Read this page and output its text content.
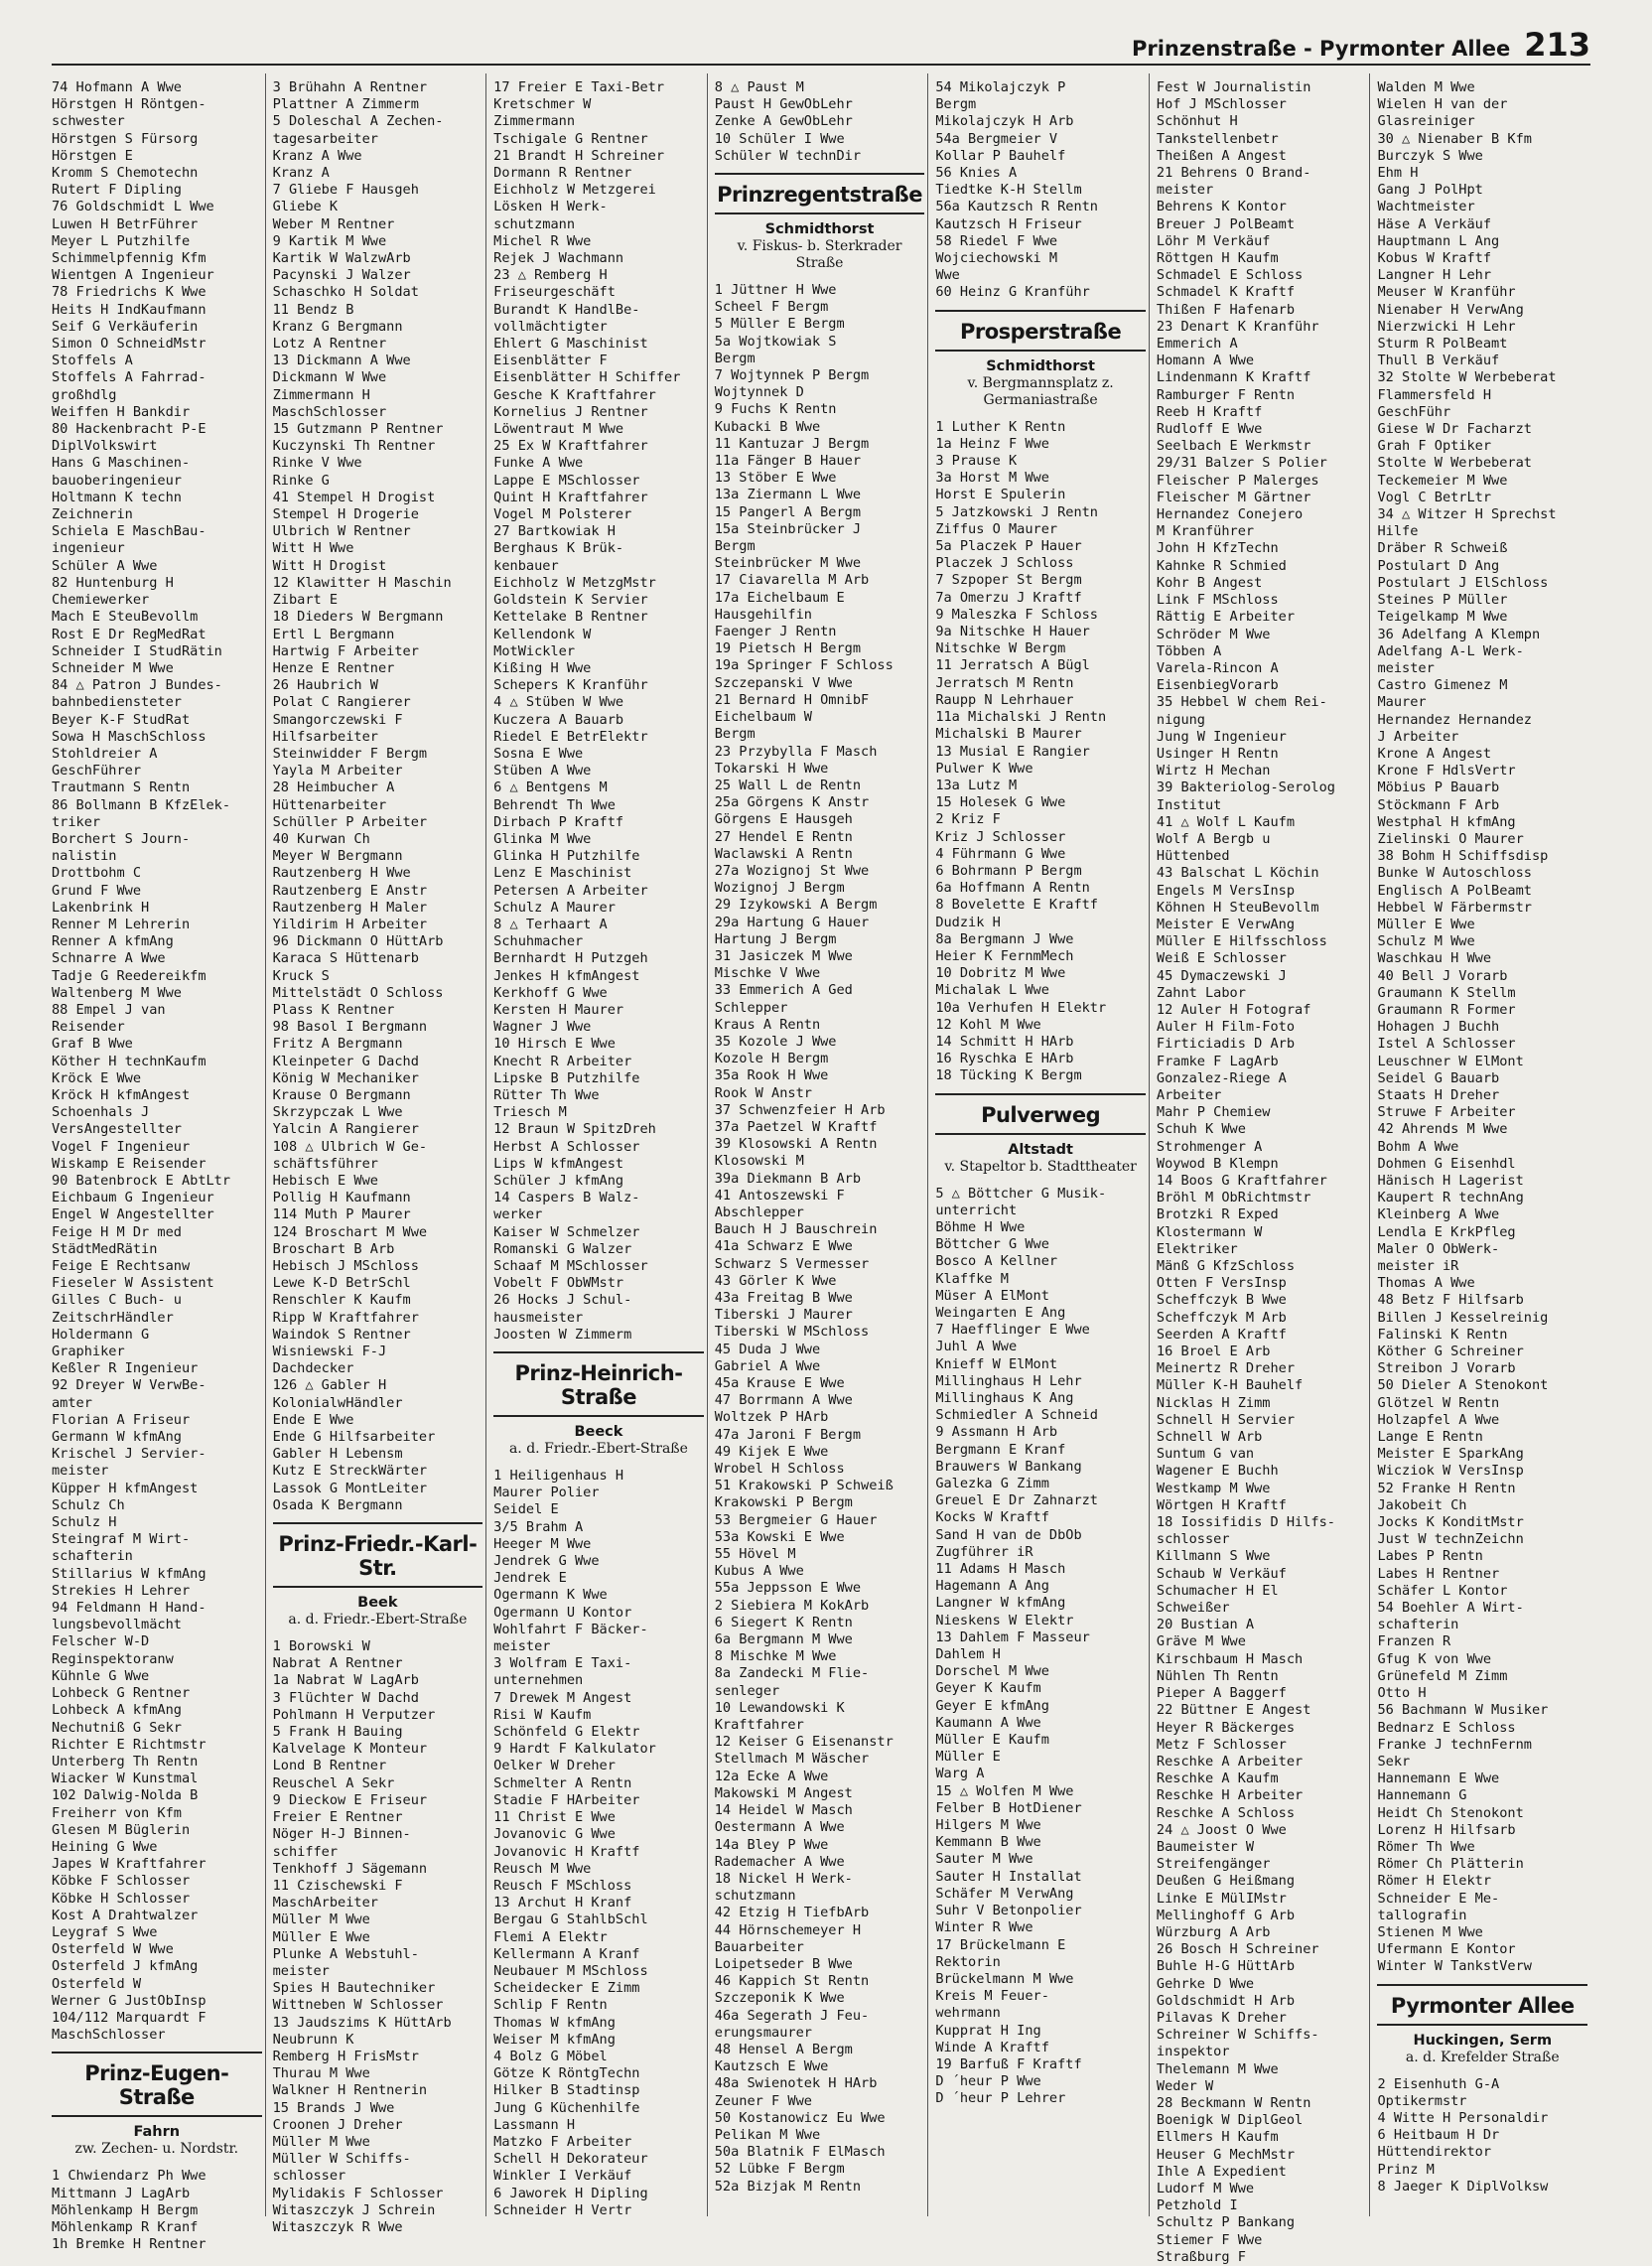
Prinzenstraße - Pyrmonter Allee 213
74 Hofmann A Wwe
Hörstgen H Röntgen-
schwester
Hörstgen S Fürsorg
Hörstgen E
Kromm S Chemotechn
Rutert F Dipling
76 Goldschmidt L Wwe
Luwen H BetrFührer
Meyer L Putzhilfe
Schimmelpfennig Kfm
Wientgen A Ingenieur
78 Friedrichs K Wwe
Heits H IndKaufmann
Seif G Verkäuferin
Simon O SchneidMstr
Stoffels A
Stoffels A Fahrrad-
großhdlg
Weiffen H Bankdir
80 Hackenbracht P-E
DiplVolkswirt
Hans G Maschinen-
bauoberingenieur
Holtmann K techn
Zeichnerin
Schiela E MaschBau-
ingenieur
Schüler A Wwe
82 Huntenburg H
Chemiewerker
Mach E SteuBevollm
Rost E Dr RegMedRat
Schneider I StudRätin
Schneider M Wwe
84 △ Patron J Bundes-
bahnbediensteter
Beyer K-F StudRat
Sowa H MaschSchloss
Stohldreier A
GeschFührer
Trautmann S Rentn
86 Bollmann B KfzElek-
triker
Borchert S Journ-
nalistin
Drottbohm C
Grund F Wwe
Lakenbrink H
Renner M Lehrerin
Renner A kfmAng
Schnarre A Wwe
Tadje G Reedereikfm
Waltenberg M Wwe
88 Empel J van
Reisender
Graf B Wwe
Köther H technKaufm
Kröck E Wwe
Kröck H kfmAngest
Schoenhals J
VersAngestellter
Vogel F Ingenieur
Wiskamp E Reisender
90 Batenbrock E AbtLtr
Eichbaum G Ingenieur
Engel W Angestellter
Feige H M Dr med
StädtMedRätin
Feige E Rechtsanw
Fieseler W Assistent
Gilles C Buch- u
ZeitschrHändler
Holdermann G
Graphiker
Keßler R Ingenieur
92 Dreyer W VerwBe-
amter
Florian A Friseur
Germann W kfmAng
Krischel J Servier-
meister
Küpper H kfmAngest
Schulz Ch
Schulz H
Steingraf M Wirt-
schafterin
Stillarius W kfmAng
Strekies H Lehrer
94 Feldmann H Hand-
lungsbevollmächt
Felscher W-D
Reginspektoranw
Kühnle G Wwe
Lohbeck G Rentner
Lohbeck A kfmAng
Nechutniß G Sekr
Richter E Richtmstr
Unterberg Th Rentn
Wiacker W Kunstmal
102 Dalwig-Nolda B
Freiherr von Kfm
Glesen M Büglerin
Heining G Wwe
Japes W Kraftfahrer
Köbke F Schlosser
Köbke H Schlosser
Kost A Drahtwalzer
Leygraf S Wwe
Osterfeld W Wwe
Osterfeld J kfmAng
Osterfeld W
Werner G JustObInsp
104/112 Marquardt F
MaschSchlosser
Prinz-Eugen-Straße
Fahrn
zw. Zechen- u. Nordstr.
1 Chwiendarz Ph Wwe
Mittmann J LagArb
Möhlenkamp H Bergm
Möhlenkamp R Kranf
1h Bremke H Rentner
3 Brühahn A Rentner
Plattner A Zimmerm
5 Doleschal A Zechen-
tagesarbeiter
Kranz A Wwe
Kranz A
7 Gliebe F Hausgeh
Gliebe K
Weber M Rentner
9 Kartik M Wwe
Kartik W WalzwArb
Pacynski J Walzer
Schaschko H Soldat
11 Bendz B
Kranz G Bergmann
Lotz A Rentner
13 Dickmann A Wwe
Dickmann W Wwe
Zimmermann H
MaschSchlosser
15 Gutzmann P Rentner
Kuczynski Th Rentner
Rinke V Wwe
Rinke G
41 Stempel H Drogist
Stempel H Drogerie
Ulbrich W Rentner
Witt H Wwe
Witt H Drogist
12 Klawitter H Maschin
Zibart E
18 Dieders W Bergmann
Ertl L Bergmann
Hartwig F Arbeiter
Henze E Rentner
26 Haubrich W
Polat C Rangierer
Smangorczewski F
Hilfsarbeiter
Steinwidder F Bergm
Yayla M Arbeiter
28 Heimbucher A
Hüttenarbeiter
Schüller P Arbeiter
40 Kurwan Ch
Meyer W Bergmann
Rautzenberg H Wwe
Rautzenberg E Anstr
Rautzenberg H Maler
Yildirim H Arbeiter
96 Dickmann O HüttArb
Karaca S Hüttenarb
Kruck S
Mittelstädt O Schloss
Plass K Rentner
98 Basol I Bergmann
Fritz A Bergmann
Kleinpeter G Dachd
König W Mechaniker
Krause O Bergmann
Skrzypczak L Wwe
Yalcin A Rangierer
108 △ Ulbrich W Ge-
schäftsführer
Hebisch E Wwe
Pollig H Kaufmann
114 Muth P Maurer
124 Broschart M Wwe
Broschart B Arb
Hebisch J MSchloss
Lewe K-D BetrSchl
Renschler K Kaufm
Ripp W Kraftfahrer
Waindok S Rentner
Wisniewski F-J
Dachdecker
126 △ Gabler H
KolonialwHändler
Ende E Wwe
Ende G Hilfsarbeiter
Gabler H Lebensm
Kutz E StreckWärter
Lassok G MontLeiter
Osada K Bergmann
Prinz-Friedr.-Karl-Str.
Beek
a. d. Friedr.-Ebert-Straße
1 Borowski W
Nabrat A Rentner
1a Nabrat W LagArb
3 Flüchter W Dachd
Pohlmann H Verputzer
5 Frank H Bauing
Kalvelage K Monteur
Lond B Rentner
Reuschel A Sekr
9 Dieckow E Friseur
Freier E Rentner
Nöger H-J Binnen-
schiffer
Tenkhoff J Sägemann
11 Czischewski F
MaschArbeiter
Müller M Wwe
Müller E Wwe
Plunke A Webstuhl-
meister
Spies H Bautechniker
Wittneben W Schlosser
13 Jaudszims K HüttArb
Neubrunn K
Remberg H FrisMstr
Thurau M Wwe
Walkner H Rentnerin
15 Brands J Wwe
Croonen J Dreher
Müller M Wwe
Müller W Schiffs-
schlosser
Mylidakis F Schlosser
Witaszczyk J Schrein
Witaszczyk R Wwe
17 Freier E Taxi-Betr
Kretschmer W
Zimmermann
Tschigale G Rentner
21 Brandt H Schreiner
Dormann R Rentner
Eichholz W Metzgerei
Lösken H Werk-
schutzmann
Michel R Wwe
Rejek J Wachmann
23 △ Remberg H
Friseurgeschäft
Burandt K HandlBe-
vollmächtigter
Ehlert G Maschinist
Eisenblätter F
Eisenblätter H Schiffer
Gesche K Kraftfahrer
Kornelius J Rentner
Löwentraut M Wwe
25 Ex W Kraftfahrer
Funke A Wwe
Lappe E MSchlosser
Quint H Kraftfahrer
Vogel M Polsterer
27 Bartkowiak H
Berghaus K Brük-
kenbauer
Eichholz W MetzgMstr
Goldstein K Servier
Kettelake B Rentner
Kellendonk W
MotWickler
Kißing H Wwe
Schepers K Kranführ
4 △ Stüben W Wwe
Kuczera A Bauarb
Riedel E BetrElektr
Sosna E Wwe
Stüben A Wwe
6 △ Bentgens M
Behrendt Th Wwe
Dirbach P Kraftf
Glinka M Wwe
Glinka H Putzhilfe
Lenz E Maschinist
Petersen A Arbeiter
Schulz A Maurer
8 △ Terhaart A
Schuhmacher
Bernhardt H Putzgeh
Jenkes H kfmAngest
Kerkhoff G Wwe
Kersten H Maurer
Wagner J Wwe
10 Hirsch E Wwe
Knecht R Arbeiter
Lipske B Putzhilfe
Rütter Th Wwe
Triesch M
12 Braun W SpitzDreh
Herbst A Schlosser
Lips W kfmAngest
Schüler J kfmAng
14 Caspers B Walz-
werker
Kaiser W Schmelzer
Romanski G Walzer
Schaaf M MSchlosser
Vobelt F ObWMstr
26 Hocks J Schul-
hausmeister
Joosten W Zimmerm
Prinz-Heinrich-Straße
Beeck
a. d. Friedr.-Ebert-Straße
1 Heiligenhaus H
Maurer Polier
Seidel E
3/5 Brahm A
Heeger M Wwe
Jendrek G Wwe
Jendrek E
Ogermann K Wwe
Ogermann U Kontor
Wohlfahrt F Bäcker-
meister
3 Wolfram E Taxi-
unternehmen
7 Drewek M Angest
Risi W Kaufm
Schönfeld G Elektr
9 Hardt F Kalkulator
Oelker W Dreher
Schmelter A Rentn
Stadie F HArbeiter
11 Christ E Wwe
Jovanovic G Wwe
Jovanovic H Kraftf
Reusch M Wwe
Reusch F MSchloss
13 Archut H Kranf
Bergau G StahlbSchl
Flemi A Elektr
Kellermann A Kranf
Neubauer M MSchloss
Scheidecker E Zimm
Schlip F Rentn
Thomas W kfmAng
Weiser M kfmAng
4 Bolz G Möbel
Götze K RöntgTechn
Hilker B Stadtinsp
Jung G Küchenhilfe
Lassmann H
Matzko F Arbeiter
Schell H Dekorateur
Winkler I Verkäuf
6 Jaworek H Dipling
Schneider H Vertr
8 △ Paust M
Paust H GewObLehr
Zenke A GewObLehr
10 Schüler I Wwe
Schüler W technDir
Prinzregentstraße
Schmidthorst
v. Fiskus- b. Sterkrader Straße
1 Jüttner H Wwe
Scheel F Bergm
5 Müller E Bergm
5a Wojtkowiak S
Bergm
7 Wojtynnek P Bergm
Wojtynnek D
9 Fuchs K Rentn
Kubacki B Wwe
11 Kantuzar J Bergm
11a Fänger B Hauer
13 Stöber E Wwe
13a Ziermann L Wwe
15 Pangerl A Bergm
15a Steinbrücker J
Bergm
Steinbrücker M Wwe
17 Ciavarella M Arb
17a Eichelbaum E
Hausgehilfin
Faenger J Rentn
19 Pietsch H Bergm
19a Springer F Schloss
Szczepanski V Wwe
21 Bernard H OmnibF
Eichelbaum W
Bergm
23 Przybylla F Masch
Tokarski H Wwe
25 Wall L de Rentn
25a Görgens K Anstr
Görgens E Hausgeh
27 Hendel E Rentn
Waclawski A Rentn
27a Wozignoj St Wwe
Wozignoj J Bergm
29 Izykowski A Bergm
29a Hartung G Hauer
Hartung J Bergm
31 Jasiczek M Wwe
Mischke V Wwe
33 Emmerich A Ged
Schlepper
Kraus A Rentn
35 Kozole J Wwe
Kozole H Bergm
35a Rook H Wwe
Rook W Anstr
37 Schwenzfeier H Arb
37a Paetzel W Kraftf
39 Klosowski A Rentn
Klosowski M
39a Diekmann B Arb
41 Antoszewski F
Abschlepper
Bauch H J Bauschrein
41a Schwarz E Wwe
Schwarz S Vermesser
43 Görler K Wwe
43a Freitag B Wwe
Tiberski J Maurer
Tiberski W MSchloss
45 Duda J Wwe
Gabriel A Wwe
45a Krause E Wwe
47 Borrmann A Wwe
Woltzek P HArb
47a Jaroni F Bergm
49 Kijek E Wwe
Wrobel H Schloss
51 Krakowski P Schweiß
Krakowski P Bergm
53 Bergmeier G Hauer
53a Kowski E Wwe
55 Hövel M
Kubus A Wwe
55a Jeppsson E Wwe
2 Siebiera M KokArb
6 Siegert K Rentn
6a Bergmann M Wwe
8 Mischke M Wwe
8a Zandecki M Flie-
senleger
10 Lewandowski K
Kraftfahrer
12 Keiser G Eisenanstr
Stellmach M Wäscher
12a Ecke A Wwe
Makowski M Angest
14 Heidel W Masch
Oestermann A Wwe
14a Bley P Wwe
Rademacher A Wwe
18 Nickel H Werk-
schutzmann
42 Etzig H TiefbArb
44 Hörnschemeyer H
Bauarbeiter
Loipetseder B Wwe
46 Kappich St Rentn
Szczeponik K Wwe
46a Segerath J Feu-
erungsmaurer
48 Hensel A Bergm
Kautzsch E Wwe
48a Swienotek H HArb
Zeuner F Wwe
50 Kostanowicz Eu Wwe
Pelikan M Wwe
50a Blatnik F ElMasch
52 Lübke F Bergm
52a Bizjak M Rentn
54 Mikolajczyk P
Bergm
Mikolajczyk H Arb
54a Bergmeier V
Kollar P Bauhelf
56 Knies A
Tiedtke K-H Stellm
56a Kautzsch R Rentn
Kautzsch H Friseur
58 Riedel F Wwe
Wojciechowski M
Wwe
60 Heinz G Kranführ
Prosperstraße
Schmidthorst
v. Bergmannsplatz z. Germaniastraße
1 Luther K Rentn
1a Heinz F Wwe
3 Prause K
3a Horst M Wwe
Horst E Spulerin
5 Jatzkowski J Rentn
Ziffus O Maurer
5a Placzek P Hauer
Placzek J Schloss
7 Szpoper St Bergm
7a Omerzu J Kraftf
9 Maleszka F Schloss
9a Nitschke H Hauer
Nitschke W Bergm
11 Jerratsch A Bügl
Jerratsch M Rentn
Raupp N Lehrhauer
11a Michalski J Rentn
Michalski B Maurer
13 Musial E Rangier
Pulwer K Wwe
13a Lutz M
15 Holesek G Wwe
2 Kriz F
Kriz J Schlosser
4 Führmann G Wwe
6 Bohrmann P Bergm
6a Hoffmann A Rentn
8 Bovelette E Kraftf
Dudzik H
8a Bergmann J Wwe
Heier K FernmMech
10 Dobritz M Wwe
Michalak L Wwe
10a Verhufen H Elektr
12 Kohl M Wwe
14 Schmitt H HArb
16 Ryschka E HArb
18 Tücking K Bergm
Pulverweg
Altstadt
v. Stapeltor b. Stadttheater
5 △ Böttcher G Musik-
unterricht
Böhme H Wwe
Böttcher G Wwe
Bosco A Kellner
Klaffke M
Müser A ElMont
Weingarten E Ang
7 Haefflinger E Wwe
Juhl A Wwe
Knieff W ElMont
Millinghaus H Lehr
Millinghaus K Ang
Schmiedler A Schneid
9 Assmann H Arb
Bergmann E Kranf
Brauwers W Bankang
Galezka G Zimm
Greuel E Dr Zahnarzt
Kocks W Kraftf
Sand H van de DbOb
Zugführer iR
11 Adams H Masch
Hagemann A Ang
Langner W kfmAng
Nieskens W Elektr
13 Dahlem F Masseur
Dahlem H
Dorschel M Wwe
Geyer K Kaufm
Geyer E kfmAng
Kaumann A Wwe
Müller E Kaufm
Müller E
Warg A
15 △ Wolfen M Wwe
Felber B HotDiener
Hilgers M Wwe
Kemmann B Wwe
Sauter M Wwe
Sauter H Installat
Schäfer M VerwAng
Suhr V Betonpolier
Winter R Wwe
17 Brückelmann E
Rektorin
Brückelmann M Wwe
Kreis M Feuer-
wehrmann
Kupprat H Ing
Winde A Kraftf
19 Barfuß F Kraftf
D ´heur P Wwe
D ´heur P Lehrer
Fest W Journalistin
Hof J MSchlosser
Schönhut H
Tankstellenbetr
Theißen A Angest
21 Behrens O Brand-
meister
Behrens K Kontor
Breuer J PolBeamt
Löhr M Verkäuf
Röttgen H Kaufm
Schmadel E Schloss
Schmadel K Kraftf
Thißen F Hafenarb
23 Denart K Kranführ
Emmerich A
Homann A Wwe
Lindenmann K Kraftf
Ramburger F Rentn
Reeb H Kraftf
Rudloff E Wwe
Seelbach E Werkmstr
29/31 Balzer S Polier
Fleischer P Malerges
Fleischer M Gärtner
Hernandez Conejero
M Kranführer
John H KfzTechn
Kahnke R Schmied
Kohr B Angest
Link F MSchloss
Rättig E Arbeiter
Schröder M Wwe
Többen A
Varela-Rincon A
EisenbiegVorarb
35 Hebbel W chem Rei-
nigung
Jung W Ingenieur
Usinger H Rentn
Wirtz H Mechan
39 Bakteriolog-Serolog
Institut
41 △ Wolf L Kaufm
Wolf A Bergb u
Hüttenbed
43 Balschat L Köchin
Engels M VersInsp
Köhnen H SteuBevollm
Meister E VerwAng
Müller E Hilfsschloss
Weiß E Schlosser
45 Dymaczewski J
Zahnt Labor
12 Auler H Fotograf
Auler H Film-Foto
Firticiadis D Arb
Framke F LagArb
Gonzalez-Riege A
Arbeiter
Mahr P Chemiew
Schuh K Wwe
Strohmenger A
Woywod B Klempn
14 Boos G Kraftfahrer
Bröhl M ObRichtmstr
Brotzki R Exped
Klostermann W
Elektriker
Mänß G KfzSchloss
Otten F VersInsp
Scheffczyk B Wwe
Scheffczyk M Arb
Seerden A Kraftf
16 Broel E Arb
Meinertz R Dreher
Müller K-H Bauhelf
Nicklas H Zimm
Schnell H Servier
Schnell W Arb
Suntum G van
Wagener E Buchh
Westkamp M Wwe
Wörtgen H Kraftf
18 Iossifidis D Hilfs-
schlosser
Killmann S Wwe
Schaub W Verkäuf
Schumacher H El
Schweißer
20 Bustian A
Gräve M Wwe
Kirschbaum H Masch
Nühlen Th Rentn
Pieper A Baggerf
22 Büttner E Angest
Heyer R Bäckerges
Metz F Schlosser
Reschke A Arbeiter
Reschke A Kaufm
Reschke H Arbeiter
Reschke A Schloss
24 △ Joost O Wwe
Baumeister W
Streifengänger
Deußen G Heißmang
Linke E MülIMstr
Mellinghoff G Arb
Würzburg A Arb
26 Bosch H Schreiner
Buhle H-G HüttArb
Gehrke D Wwe
Goldschmidt H Arb
Pilavas K Dreher
Schreiner W Schiffs-
inspektor
Thelemann M Wwe
Weder W
28 Beckmann W Rentn
Boenigk W DiplGeol
Ellmers H Kaufm
Heuser G MechMstr
Ihle A Expedient
Ludorf M Wwe
Petzhold I
Schultz P Bankang
Stiemer F Wwe
Straßburg F
Walden M Wwe
Wielen H van der
Glasreiniger
30 △ Nienaber B Kfm
Burczyk S Wwe
Ehm H
Gang J PolHpt
Wachtmeister
Häse A Verkäuf
Hauptmann L Ang
Kobus W Kraftf
Langner H Lehr
Meuser W Kranführ
Nienaber H VerwAng
Nierzwicki H Lehr
Sturm R PolBeamt
Thull B Verkäuf
32 Stolte W Werbeberat
Flammersfeld H
GeschFühr
Giese W Dr Facharzt
Grah F Optiker
Stolte W Werbeberat
Teckemeier M Wwe
Vogl C BetrLtr
34 △ Witzer H Sprechst
Hilfe
Dräber R Schweiß
Postulart D Ang
Postulart J ElSchloss
Steines P Müller
Teigelkamp M Wwe
36 Adelfang A Klempn
Adelfang A-L Werk-
meister
Castro Gimenez M
Maurer
Hernandez Hernandez
J Arbeiter
Krone A Angest
Krone F HdlsVertr
Möbius P Bauarb
Stöckmann F Arb
Westphal H kfmAng
Zielinski O Maurer
38 Bohm H Schiffsdisp
Bunke W Autoschloss
Englisch A PolBeamt
Hebbel W Färbermstr
Müller E Wwe
Schulz M Wwe
Waschkau H Wwe
40 Bell J Vorarb
Graumann K Stellm
Graumann R Former
Hohagen J Buchh
Istel A Schlosser
Leuschner W ElMont
Seidel G Bauarb
Staats H Dreher
Struwe F Arbeiter
42 Ahrends M Wwe
Bohm A Wwe
Dohmen G Eisenhdl
Hänisch H Lagerist
Kaupert R technAng
Kleinberg A Wwe
Lendla E KrkPfleg
Maler O ObWerk-
meister iR
Thomas A Wwe
48 Betz F Hilfsarb
Billen J Kesselreinig
Falinski K Rentn
Köther G Schreiner
Streibon J Vorarb
50 Dieler A Stenokont
Glötzel W Rentn
Holzapfel A Wwe
Lange E Rentn
Meister E SparkAng
Wicziok W VersInsp
52 Franke H Rentn
Jakobeit Ch
Jocks K KonditMstr
Just W technZeichn
Labes P Rentn
Labes H Rentner
Schäfer L Kontor
54 Boehler A Wirt-
schafterin
Franzen R
Gfug K von Wwe
Grünefeld M Zimm
Otto H
56 Bachmann W Musiker
Bednarz E Schloss
Franke J technFernm
Sekr
Hannemann E Wwe
Hannemann G
Heidt Ch Stenokont
Lorenz H Hilfsarb
Römer Th Wwe
Römer Ch Plätterin
Römer H Elektr
Schneider E Me-
tallografin
Stienen M Wwe
Ufermann E Kontor
Winter W TankstVerw
Pyrmonter Allee
Huckingen, Serm
a. d. Krefelder Straße
2 Eisenhuth G-A
Optikermstr
4 Witte H Personaldir
6 Heitbaum H Dr
Hüttendirektor
Prinz M
8 Jaeger K DiplVolksw
